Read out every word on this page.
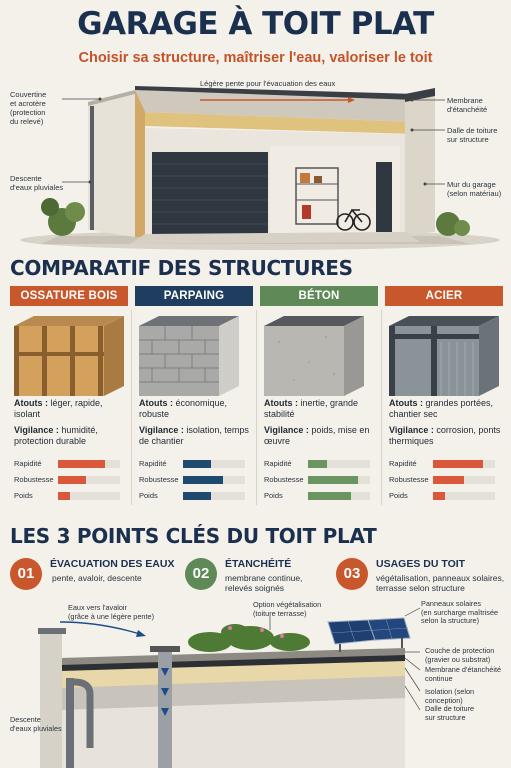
GARAGE À TOIT PLAT
Choisir sa structure, maîtriser l'eau, valoriser le toit
Légère pente pour l'évacuation des eaux
Couvertine
et acrotère
(protection
du relevé)
Descente
d'eaux pluviales
Membrane
d'étanchéité
Dalle de toiture
sur structure
Mur du garage
(selon matériau)
COMPARATIF DES STRUCTURES
OSSATURE BOIS
Atouts : léger, rapide, isolant
Vigilance : humidité, protection durable
Rapidité
Robustesse
Poids
PARPAING
Atouts : économique, robuste
Vigilance : isolation, temps de chantier
Rapidité
Robustesse
Poids
BÉTON
Atouts : inertie, grande stabilité
Vigilance : poids, mise en œuvre
Rapidité
Robustesse
Poids
ACIER
Atouts : grandes portées, chantier sec
Vigilance : corrosion, ponts thermiques
Rapidité
Robustesse
Poids
LES 3 POINTS CLÉS DU TOIT PLAT
01
ÉVACUATION DES EAUX
pente, avaloir, descente	02
ÉTANCHÉITÉ
membrane continue,
relevés soignés
03
USAGES DU TOIT
végétalisation, panneaux solaires,
terrasse selon structure
Eaux vers l'avaloir
(grâce à une légère pente)
Option végétalisation
(toiture terrasse)
Panneaux solaires
(en surcharge maîtrisée
selon la structure)
Couche de protection
(gravier ou substrat)
Membrane d'étanchéité
continue
Isolation (selon conception)
Dalle de toiture
sur structure
Descente
d'eaux pluviales
